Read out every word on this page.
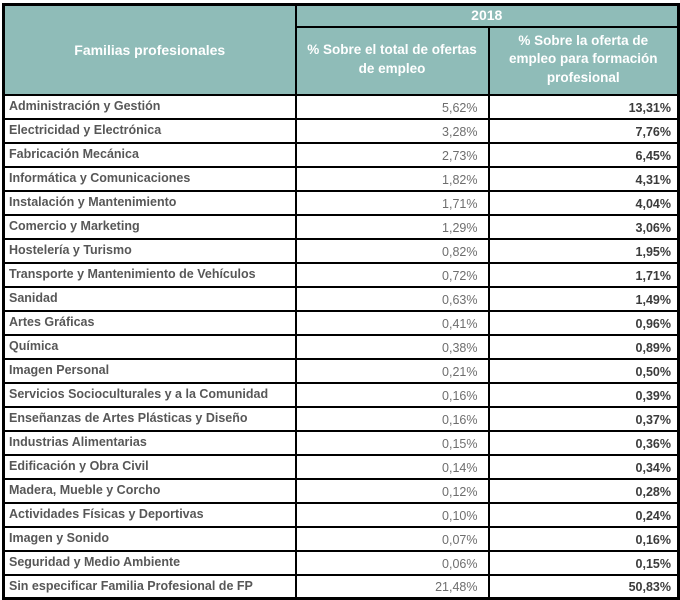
Familias profesionales	2018	
	% Sobre el total de ofertas de empleo	% Sobre la oferta de empleo para formación profesional
Administración y Gestión	5,62%	13,31%
Electricidad y Electrónica	3,28%	7,76%
Fabricación Mecánica	2,73%	6,45%
Informática y Comunicaciones	1,82%	4,31%
Instalación y Mantenimiento	1,71%	4,04%
Comercio y Marketing	1,29%	3,06%
Hostelería y Turismo	0,82%	1,95%
Transporte y Mantenimiento de Vehículos	0,72%	1,71%
Sanidad	0,63%	1,49%
Artes Gráficas	0,41%	0,96%
Química	0,38%	0,89%
Imagen Personal	0,21%	0,50%
Servicios Socioculturales y a la Comunidad	0,16%	0,39%
Enseñanzas de Artes Plásticas y Diseño	0,16%	0,37%
Industrias Alimentarias	0,15%	0,36%
Edificación y Obra Civil	0,14%	0,34%
Madera, Mueble y Corcho	0,12%	0,28%
Actividades Físicas y Deportivas	0,10%	0,24%
Imagen y Sonido	0,07%	0,16%
Seguridad y Medio Ambiente	0,06%	0,15%
Sin especificar Familia Profesional de FP	21,48%	50,83%
